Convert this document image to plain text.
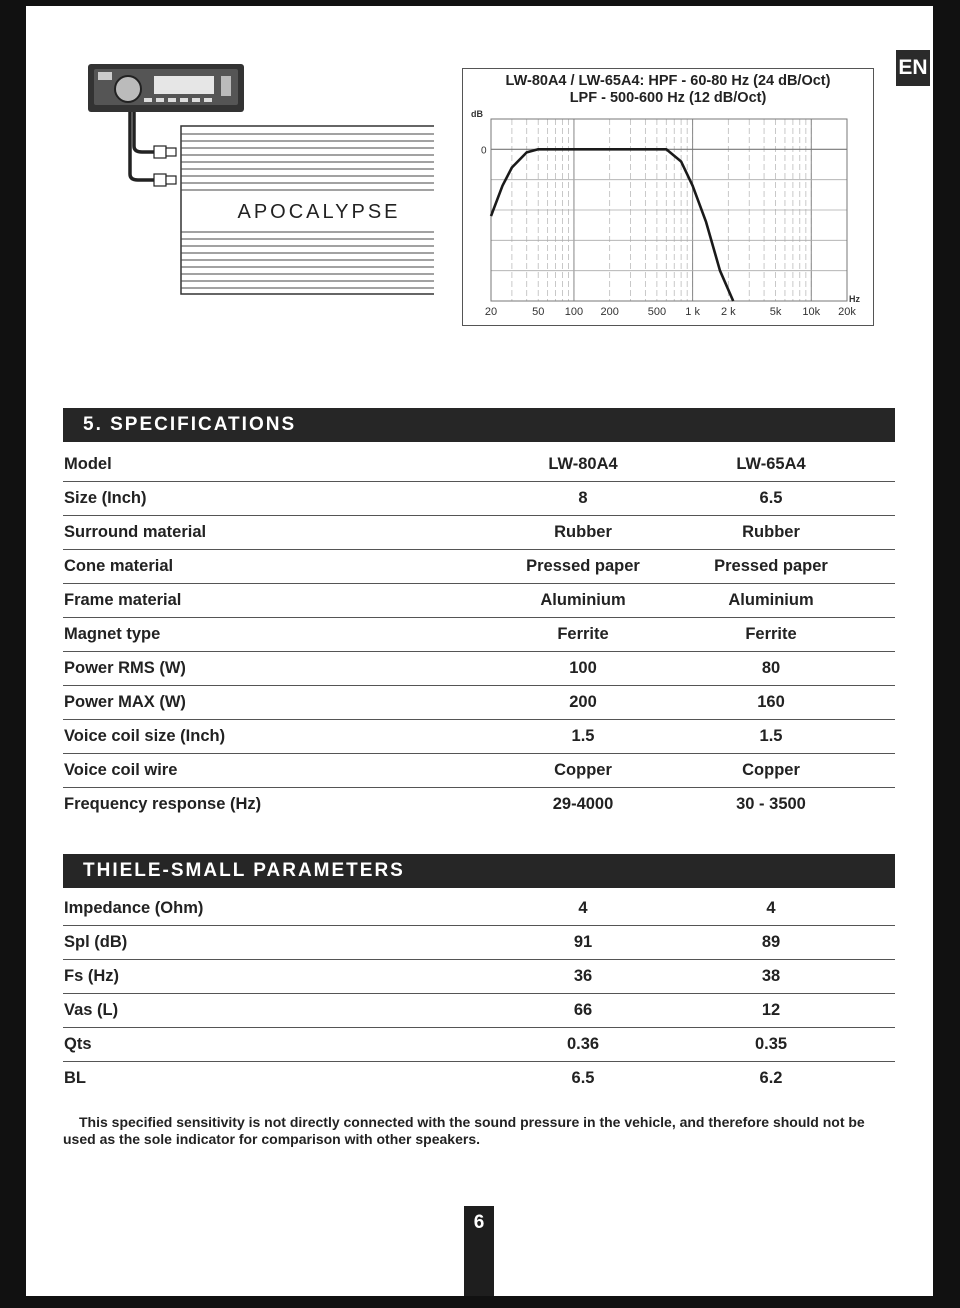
EN
APOCALYPSE
dB
0
Hz
20	50 100 200	500 1 k 2 k	5k 10k 20k
LW-80A4 / LW-65A4: HPF - 60-80 Hz (24 dB/Oct)
LPF - 500-600 Hz (12 dB/Oct)
5. SPECIFICATIONS
Model	LW-80A4	LW-65A4
Size (Inch)	8	6.5
Surround material	Rubber	Rubber
Cone material	Pressed paper	Pressed paper
Frame material	Aluminium	Aluminium
Magnet type	Ferrite	Ferrite
Power RMS (W)	100	80
Power MAX (W)	200	160
Voice coil size (Inch)	1.5	1.5
Voice coil wire	Copper	Copper
Frequency response (Hz)	29-4000	30 - 3500
THIELE-SMALL PARAMETERS
Impedance (Ohm)	4	4
Spl (dB)	91	89
Fs (Hz)	36	38
Vas (L)	66	12
Qts	0.36	0.35
BL	6.5	6.2
This specified sensitivity is not directly connected with the sound pressure in the vehicle, and therefore should not be used as the sole indicator for comparison with other speakers.
6
